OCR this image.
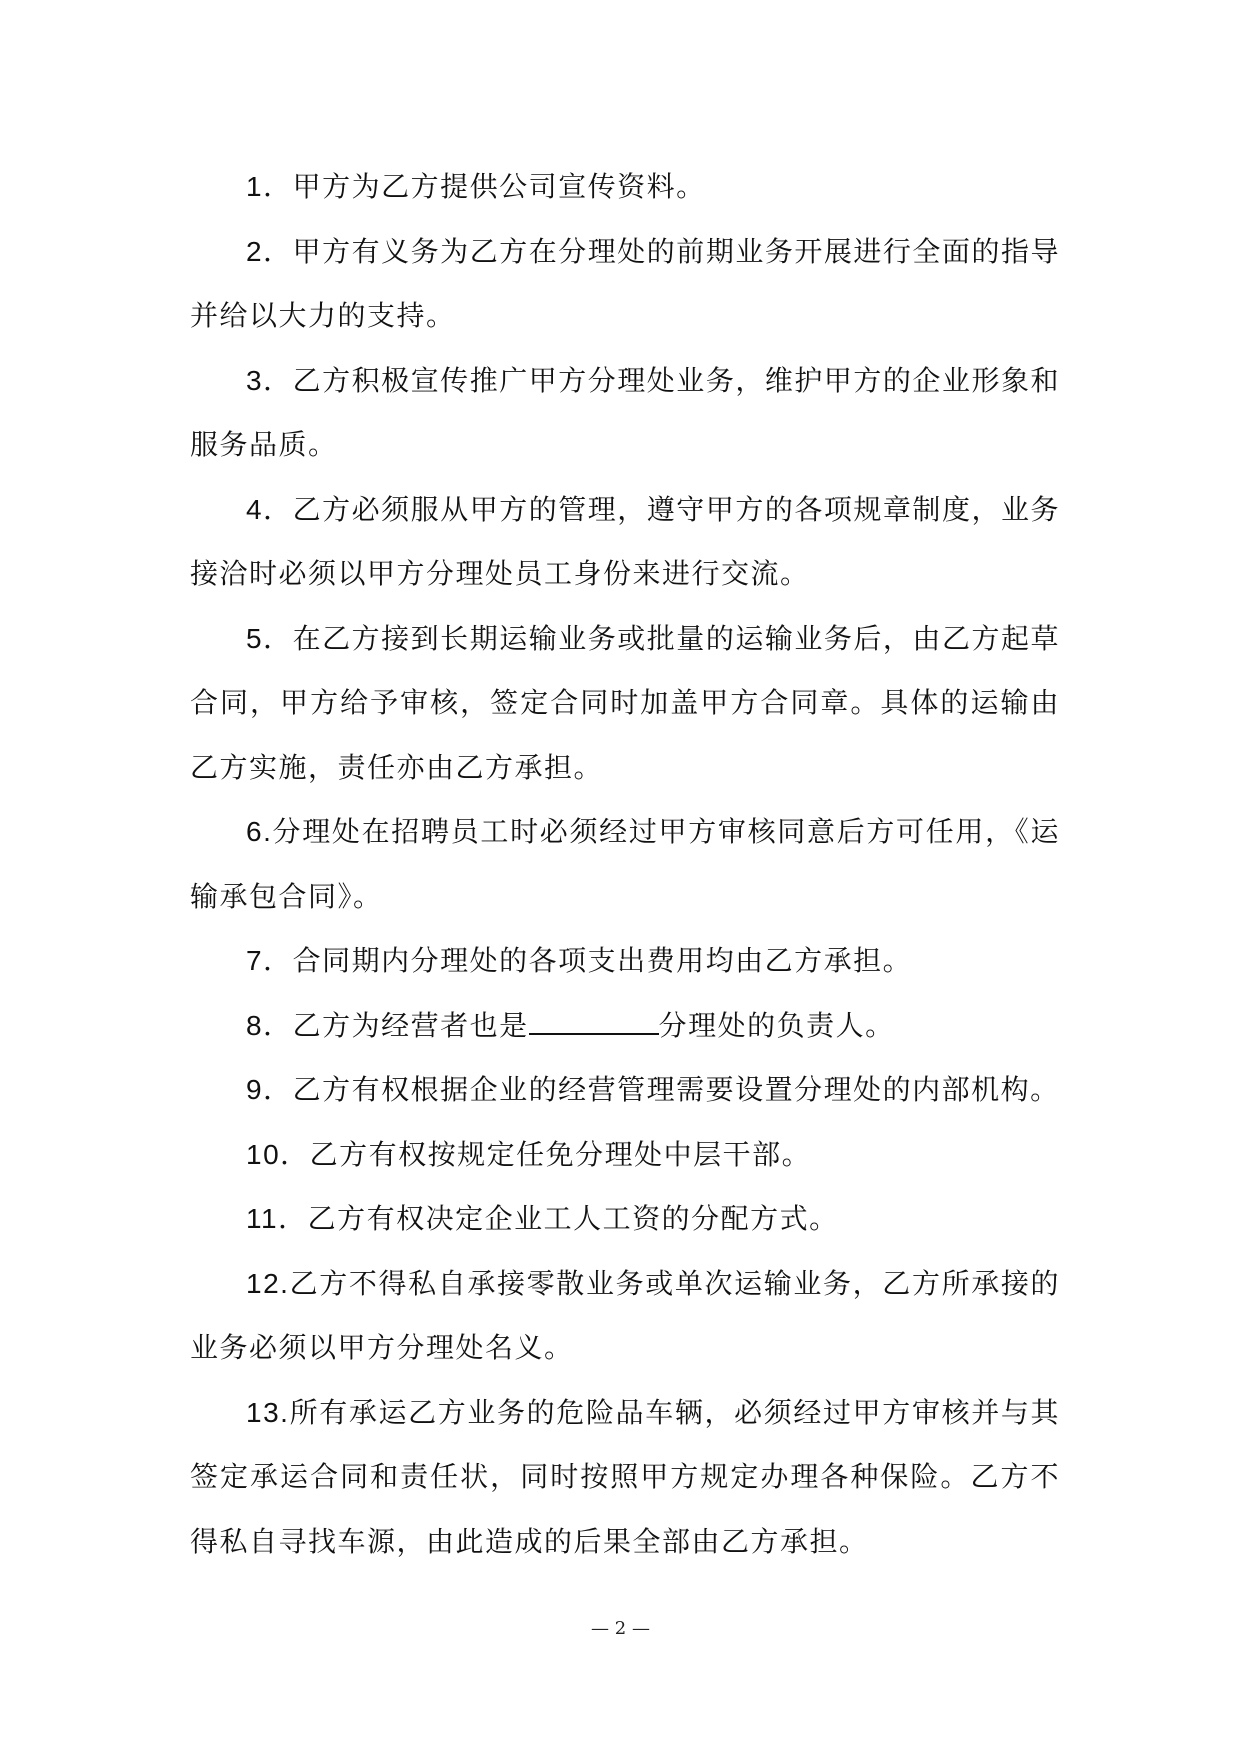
1．甲方为乙方提供公司宣传资料。

2．甲方有义务为乙方在分理处的前期业务开展进行全面的指导并给以大力的支持。

3．乙方积极宣传推广甲方分理处业务，维护甲方的企业形象和服务品质。

4．乙方必须服从甲方的管理，遵守甲方的各项规章制度，业务接洽时必须以甲方分理处员工身份来进行交流。

5．在乙方接到长期运输业务或批量的运输业务后，由乙方起草合同，甲方给予审核，签定合同时加盖甲方合同章。具体的运输由乙方实施，责任亦由乙方承担。

6.分理处在招聘员工时必须经过甲方审核同意后方可任用，《运输承包合同》。

7．合同期内分理处的各项支出费用均由乙方承担。

8．乙方为经营者也是	分理处的负责人。

9．乙方有权根据企业的经营管理需要设置分理处的内部机构。

10．乙方有权按规定任免分理处中层干部。

11．乙方有权决定企业工人工资的分配方式。

12.乙方不得私自承接零散业务或单次运输业务，乙方所承接的业务必须以甲方分理处名义。

13.所有承运乙方业务的危险品车辆，必须经过甲方审核并与其签定承运合同和责任状，同时按照甲方规定办理各种保险。乙方不得私自寻找车源，由此造成的后果全部由乙方承担。

— 2 —
